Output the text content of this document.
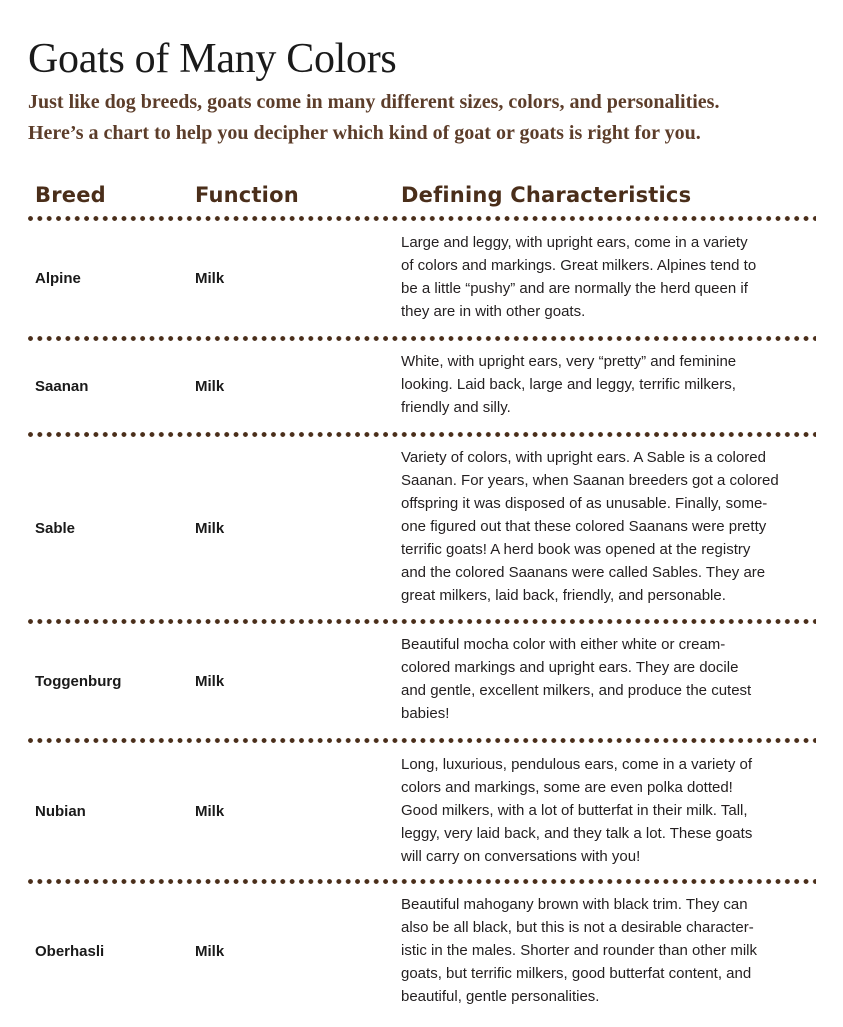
Goats of Many Colors

Just like dog breeds, goats come in many different sizes, colors, and personalities.
Here’s a chart to help you decipher which kind of goat or goats is right for you.

Breed	Function	Defining Characteristics
Alpine	Milk
Large and leggy, with upright ears, come in a variety
of colors and markings. Great milkers. Alpines tend to
be a little “pushy” and are normally the herd queen if
they are in with other goats.
Saanan	Milk
White, with upright ears, very “pretty” and feminine
looking. Laid back, large and leggy, terrific milkers,
friendly and silly.
Sable	Milk
Variety of colors, with upright ears. A Sable is a colored
Saanan. For years, when Saanan breeders got a colored
offspring it was disposed of as unusable. Finally, some-
one figured out that these colored Saanans were pretty
terrific goats! A herd book was opened at the registry
and the colored Saanans were called Sables. They are
great milkers, laid back, friendly, and personable.
Toggenburg	Milk
Beautiful mocha color with either white or cream-
colored markings and upright ears. They are docile
and gentle, excellent milkers, and produce the cutest
babies!
Nubian	Milk
Long, luxurious, pendulous ears, come in a variety of
colors and markings, some are even polka dotted!
Good milkers, with a lot of butterfat in their milk. Tall,
leggy, very laid back, and they talk a lot. These goats
will carry on conversations with you!
Oberhasli	Milk
Beautiful mahogany brown with black trim. They can
also be all black, but this is not a desirable character-
istic in the males. Shorter and rounder than other milk
goats, but terrific milkers, good butterfat content, and
beautiful, gentle personalities.
